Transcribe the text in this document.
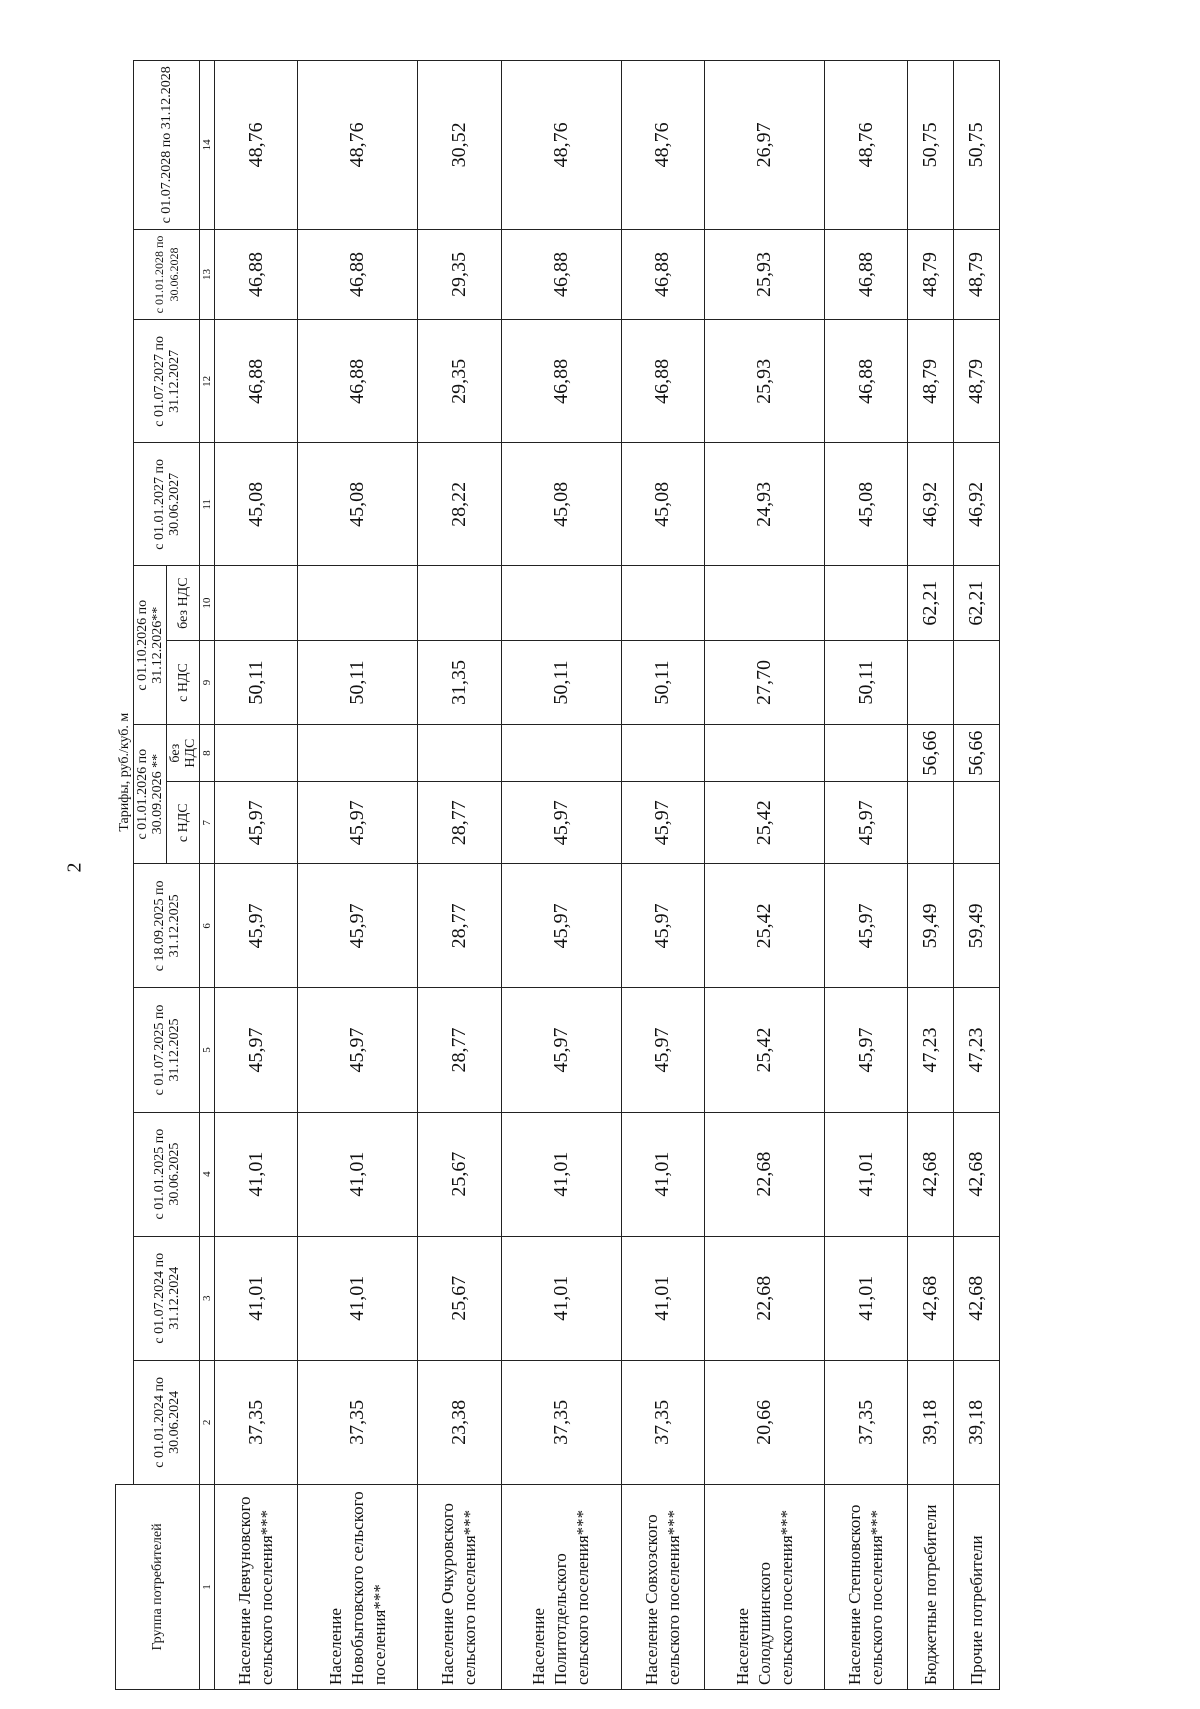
2
Группа потребителей	Тарифы, руб./куб. м												
	с 01.01.2024 по 30.06.2024	с 01.07.2024 по 31.12.2024	с 01.01.2025 по 30.06.2025	с 01.07.2025 по 31.12.2025	с 18.09.2025 по 31.12.2025	с 01.01.2026 по 30.09.2026 **		с 01.10.2026 по 31.12.2026**		с 01.01.2027 по 30.06.2027	с 01.07.2027 по 31.12.2027	с 01.01.2028 по 30.06.2028	с 01.07.2028 по 31.12.2028
						с НДС	без НДС	с НДС	без НДС				
1	2	3	4	5	6	7	8	9	10	11	12	13	14
Население Левчуновского сельского поселения***	37,35	41,01	41,01	45,97	45,97	45,97		50,11		45,08	46,88	46,88	48,76
Население Новобытовского сельского поселения***	37,35	41,01	41,01	45,97	45,97	45,97		50,11		45,08	46,88	46,88	48,76
Население Очкуровского сельского поселения***	23,38	25,67	25,67	28,77	28,77	28,77		31,35		28,22	29,35	29,35	30,52
Население Политотдельского сельского поселения***	37,35	41,01	41,01	45,97	45,97	45,97		50,11		45,08	46,88	46,88	48,76
Население Совхозского сельского поселения***	37,35	41,01	41,01	45,97	45,97	45,97		50,11		45,08	46,88	46,88	48,76
Население Солодушинского сельского поселения***	20,66	22,68	22,68	25,42	25,42	25,42		27,70		24,93	25,93	25,93	26,97
Население Степновского сельского поселения***	37,35	41,01	41,01	45,97	45,97	45,97		50,11		45,08	46,88	46,88	48,76
Бюджетные потребители	39,18	42,68	42,68	47,23	59,49		56,66		62,21	46,92	48,79	48,79	50,75
Прочие потребители	39,18	42,68	42,68	47,23	59,49		56,66		62,21	46,92	48,79	48,79	50,75
